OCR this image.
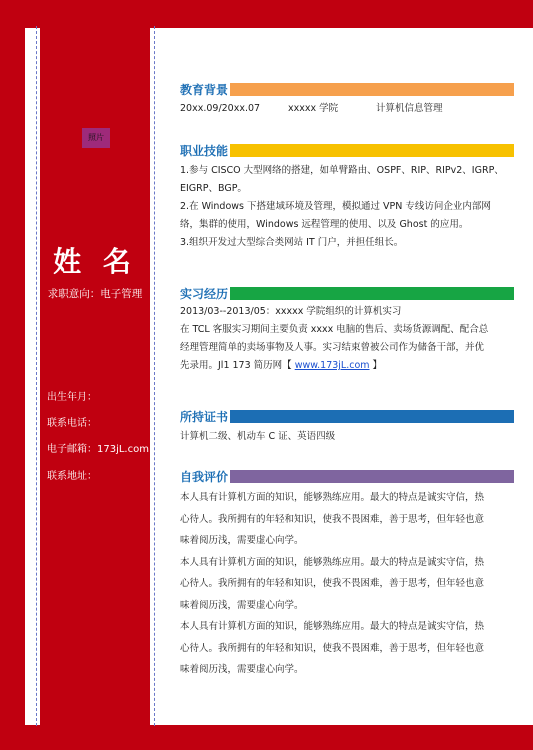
照片
姓 名
求职意向：电子管理
出生年月：
联系电话：
电子邮箱：173jL.com
联系地址：
教育背景
20xx.09/20xx.07	xxxxx 学院	计算机信息管理
职业技能

1.参与 CISCO 大型网络的搭建，如单臂路由、OSPF、RIP、RIPv2、IGRP、

EIGRP、BGP。

2.在 Windows 下搭建域环境及管理，模拟通过 VPN 专线访问企业内部网

络，集群的使用，Windows 远程管理的使用、以及 Ghost 的应用。

3.组织开发过大型综合类网站 IT 门户，并担任组长。

实习经历

2013/03--2013/05：xxxxx 学院组织的计算机实习

在 TCL 客服实习期间主要负责 xxxx 电脑的售后、卖场货源调配、配合总

经理管理简单的卖场事物及人事。实习结束曾被公司作为储备干部，并优

先录用。Jl1 173 简历网【 www.173jL.com 】

所持证书

计算机二级、机动车 C 证、英语四级

自我评价

本人具有计算机方面的知识，能够熟练应用。最大的特点是诚实守信，热

心待人。我所拥有的年轻和知识，使我不畏困难，善于思考，但年轻也意

味着阅历浅，需要虚心向学。

本人具有计算机方面的知识，能够熟练应用。最大的特点是诚实守信，热

心待人。我所拥有的年轻和知识，使我不畏困难，善于思考，但年轻也意

味着阅历浅，需要虚心向学。

本人具有计算机方面的知识，能够熟练应用。最大的特点是诚实守信，热

心待人。我所拥有的年轻和知识，使我不畏困难，善于思考，但年轻也意

味着阅历浅，需要虚心向学。
